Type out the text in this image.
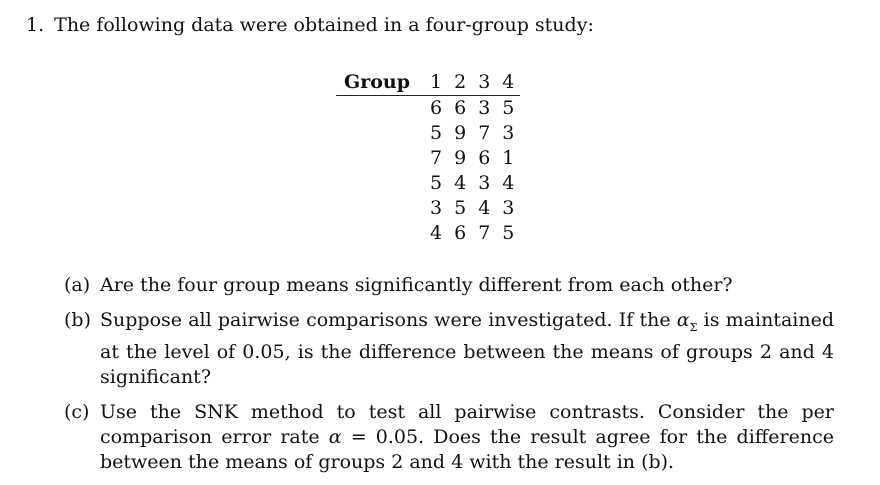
1. The following data were obtained in a four-group study:
Group	1	2	3	4
	6	6	3	5
	5	9	7	3
	7	9	6	1
	5	4	3	4
	3	5	4	3
	4	6	7	5
(a) Are the four group means significantly different from each other?
(b) Suppose all pairwise comparisons were investigated. If the $\alpha_\Sigma$ is maintained at the level of 0.05, is the difference between the means of groups 2 and 4 significant?
(c) Use the SNK method to test all pairwise contrasts. Consider the per comparison error rate α = 0.05. Does the result agree for the difference between the means of groups 2 and 4 with the result in (b).
